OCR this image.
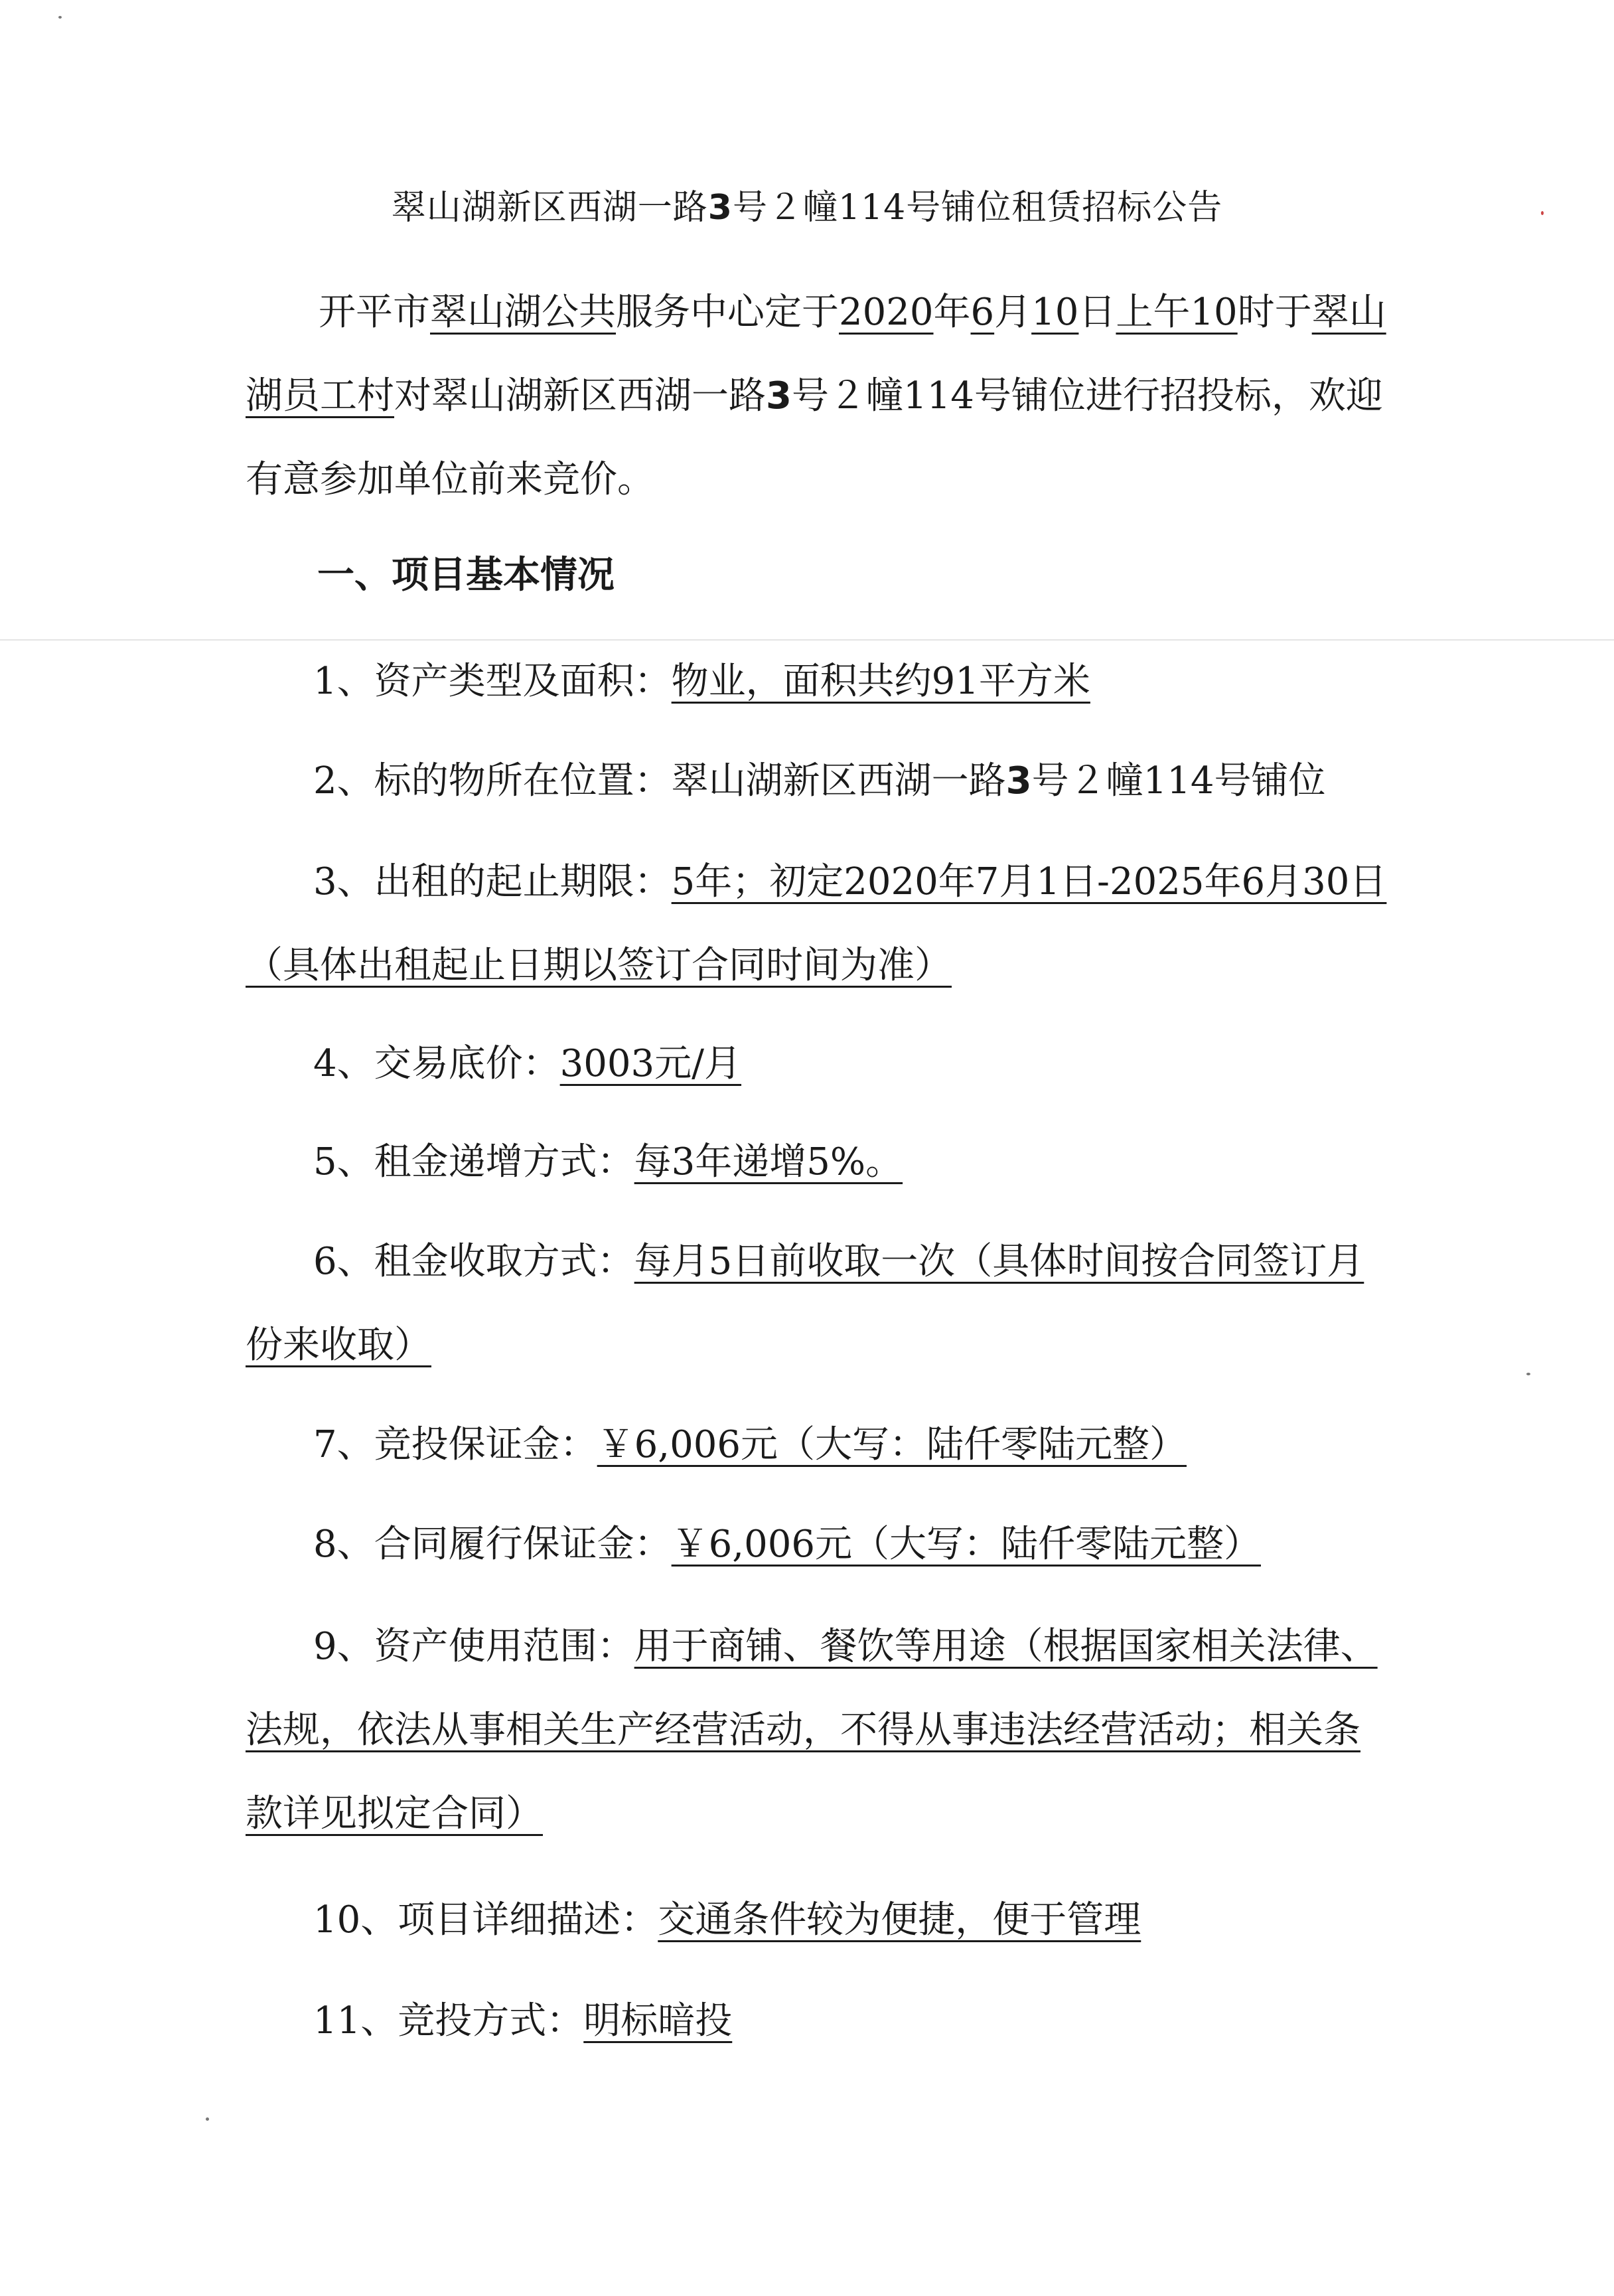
翠山湖新区西湖一路3号２幢114号铺位租赁招标公告

开平市翠山湖公共服务中心定于2020年6月10日上午10时于翠山湖员工村对翠山湖新区西湖一路3号２幢114号铺位进行招投标，欢迎有意参加单位前来竞价。

一、项目基本情况
1、资产类型及面积：物业，面积共约91平方米
2、标的物所在位置：翠山湖新区西湖一路3号２幢114号铺位
3、出租的起止期限：5年；初定2020年7月1日-2025年6月30日（具体出租起止日期以签订合同时间为准）
4、交易底价：3003元/月
5、租金递增方式：每3年递增5%。
6、租金收取方式：每月5日前收取一次（具体时间按合同签订月份来收取）
7、竞投保证金：￥6,006元（大写：陆仟零陆元整）
8、合同履行保证金：￥6,006元（大写：陆仟零陆元整）
9、资产使用范围：用于商铺、餐饮等用途（根据国家相关法律、法规，依法从事相关生产经营活动，不得从事违法经营活动；相关条款详见拟定合同）
10、项目详细描述：交通条件较为便捷，便于管理
11、竞投方式：明标暗投
